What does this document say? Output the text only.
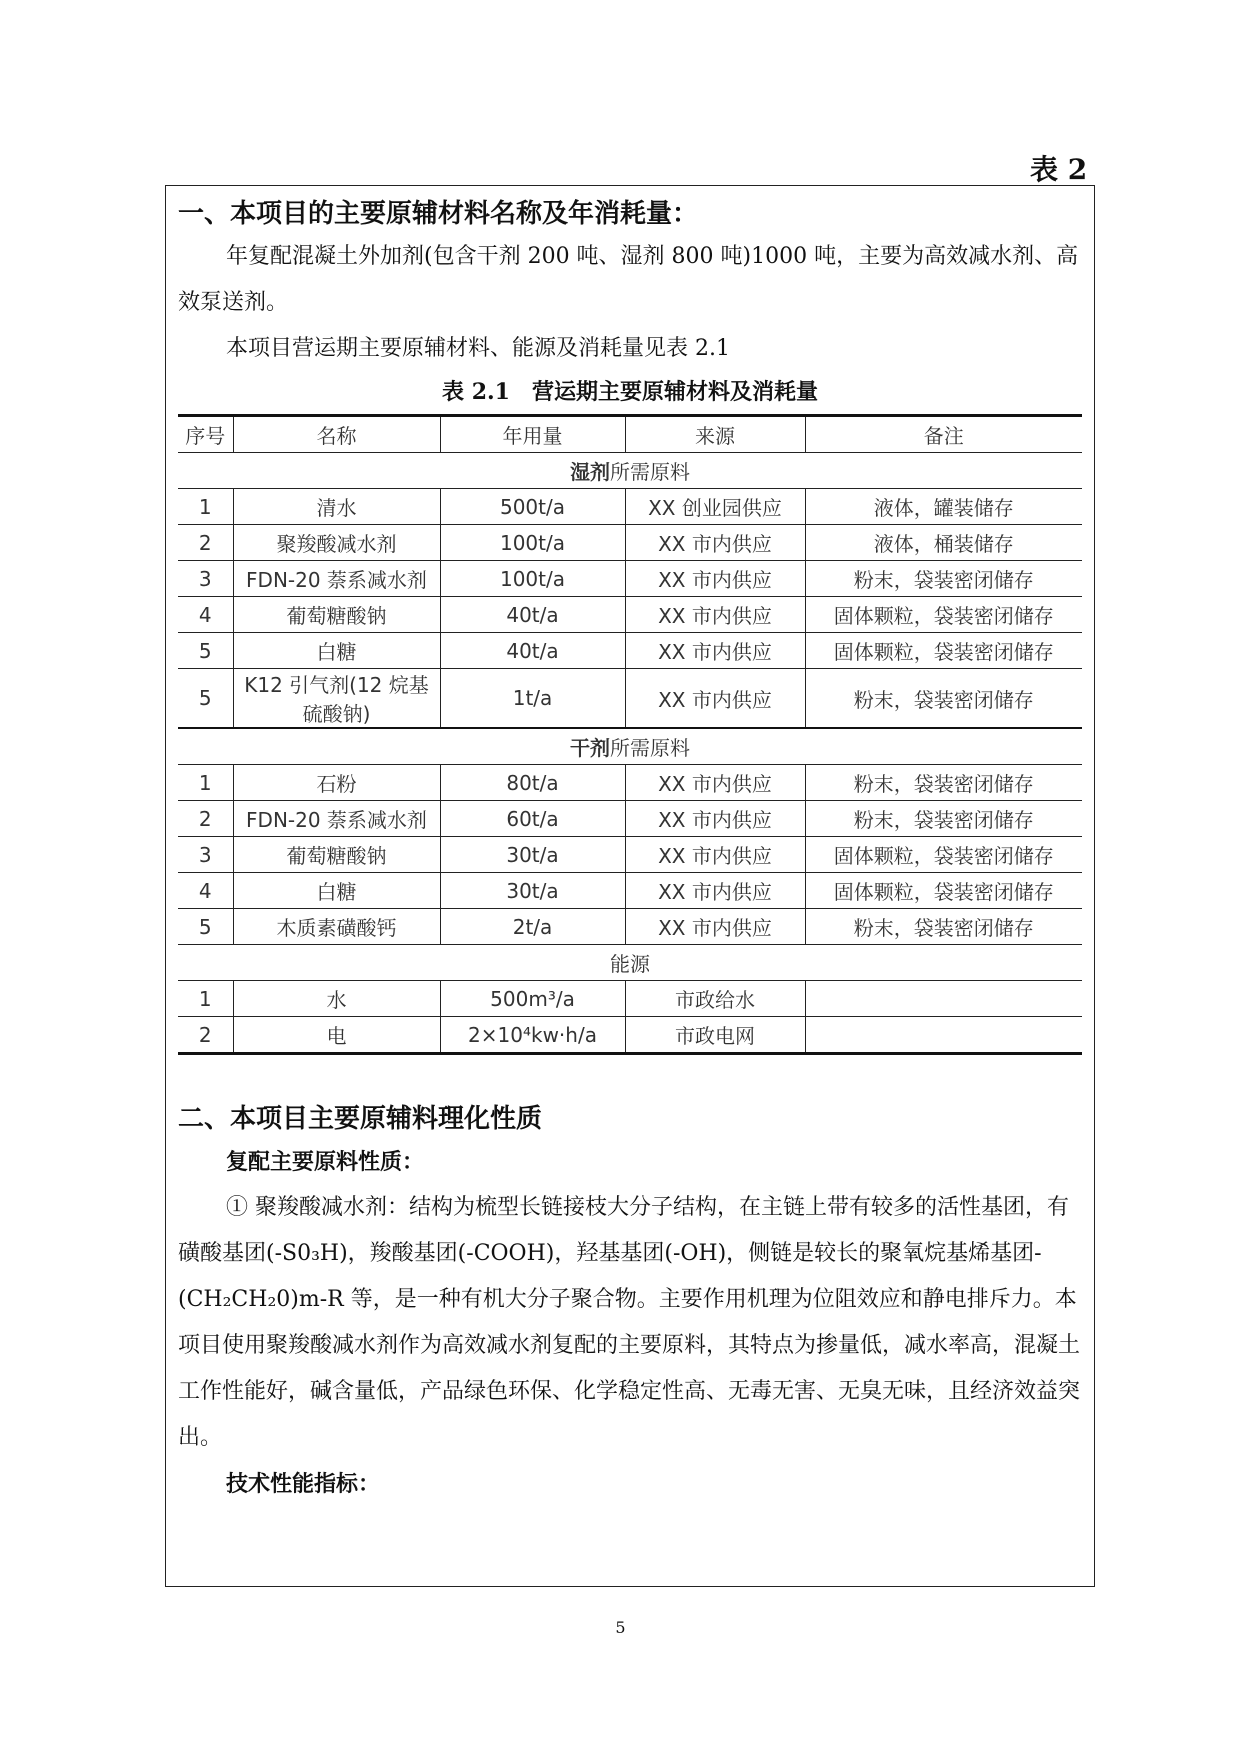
表 2
一、本项目的主要原辅材料名称及年消耗量：

年复配混凝土外加剂(包含干剂 200 吨、湿剂 800 吨)1000 吨，主要为高效减水剂、高效泵送剂。

本项目营运期主要原辅材料、能源及消耗量见表 2.1

表 2.1　营运期主要原辅材料及消耗量
序号	名称	年用量	来源	备注
湿剂所需原料				
1	清水	500t/a	XX 创业园供应	液体，罐装储存
2	聚羧酸减水剂	100t/a	XX 市内供应	液体，桶装储存
3	FDN-20 萘系减水剂	100t/a	XX 市内供应	粉末，袋装密闭储存
4	葡萄糖酸钠	40t/a	XX 市内供应	固体颗粒，袋装密闭储存
5	白糖	40t/a	XX 市内供应	固体颗粒，袋装密闭储存
5	K12 引气剂(12 烷基硫酸钠)	1t/a	XX 市内供应	粉末，袋装密闭储存
干剂所需原料				
1	石粉	80t/a	XX 市内供应	粉末，袋装密闭储存
2	FDN-20 萘系减水剂	60t/a	XX 市内供应	粉末，袋装密闭储存
3	葡萄糖酸钠	30t/a	XX 市内供应	固体颗粒，袋装密闭储存
4	白糖	30t/a	XX 市内供应	固体颗粒，袋装密闭储存
5	木质素磺酸钙	2t/a	XX 市内供应	粉末，袋装密闭储存
能源				
1	水	500m³/a	市政给水	
2	电	2×10⁴kw·h/a	市政电网	
二、本项目主要原辅料理化性质
复配主要原料性质：

① 聚羧酸减水剂：结构为梳型长链接枝大分子结构，在主链上带有较多的活性基团，有磺酸基团(-S0₃H)，羧酸基团(-COOH)，羟基基团(-OH)，侧链是较长的聚氧烷基烯基团-(CH₂CH₂0)m-R 等，是一种有机大分子聚合物。主要作用机理为位阻效应和静电排斥力。本项目使用聚羧酸减水剂作为高效减水剂复配的主要原料，其特点为掺量低，减水率高，混凝土工作性能好，碱含量低，产品绿色环保、化学稳定性高、无毒无害、无臭无味，且经济效益突出。

技术性能指标：
5
